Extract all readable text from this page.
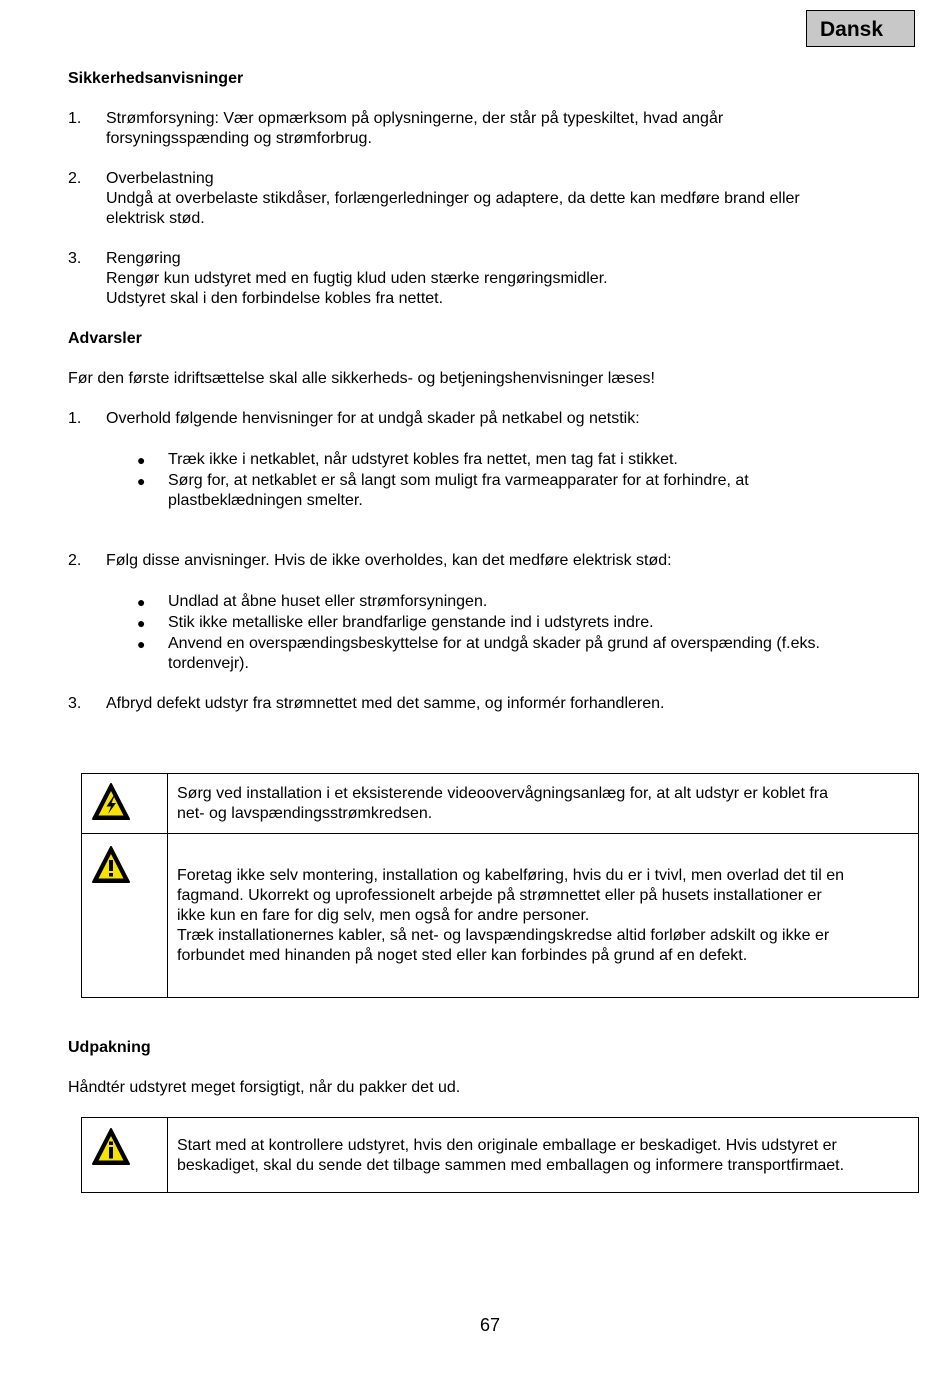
Dansk
Sikkerhedsanvisninger
1. Strømforsyning: Vær opmærksom på oplysningerne, der står på typeskiltet, hvad angår
forsyningsspænding og strømforbrug.
2. Overbelastning
Undgå at overbelaste stikdåser, forlængerledninger og adaptere, da dette kan medføre brand eller
elektrisk stød.
3. Rengøring
Rengør kun udstyret med en fugtig klud uden stærke rengøringsmidler.
Udstyret skal i den forbindelse kobles fra nettet.
Advarsler
Før den første idriftsættelse skal alle sikkerheds- og betjeningshenvisninger læses!
1. Overhold følgende henvisninger for at undgå skader på netkabel og netstik:
● Træk ikke i netkablet, når udstyret kobles fra nettet, men tag fat i stikket.
● Sørg for, at netkablet er så langt som muligt fra varmeapparater for at forhindre, at
plastbeklædningen smelter.
2. Følg disse anvisninger. Hvis de ikke overholdes, kan det medføre elektrisk stød:
● Undlad at åbne huset eller strømforsyningen.
● Stik ikke metalliske eller brandfarlige genstande ind i udstyrets indre.
● Anvend en overspændingsbeskyttelse for at undgå skader på grund af overspænding (f.eks.
tordenvejr).
3. Afbryd defekt udstyr fra strømnettet med det samme, og informér forhandleren.

Sørg ved installation i et eksisterende videoovervågningsanlæg for, at alt udstyr er koblet fra
net- og lavspændingsstrømkredsen.

Foretag ikke selv montering, installation og kabelføring, hvis du er i tvivl, men overlad det til en
fagmand. Ukorrekt og uprofessionelt arbejde på strømnettet eller på husets installationer er
ikke kun en fare for dig selv, men også for andre personer.
Træk installationernes kabler, så net- og lavspændingskredse altid forløber adskilt og ikke er
forbundet med hinanden på noget sted eller kan forbindes på grund af en defekt.
Udpakning
Håndtér udstyret meget forsigtigt, når du pakker det ud.

Start med at kontrollere udstyret, hvis den originale emballage er beskadiget. Hvis udstyret er
beskadiget, skal du sende det tilbage sammen med emballagen og informere transportfirmaet.
67
